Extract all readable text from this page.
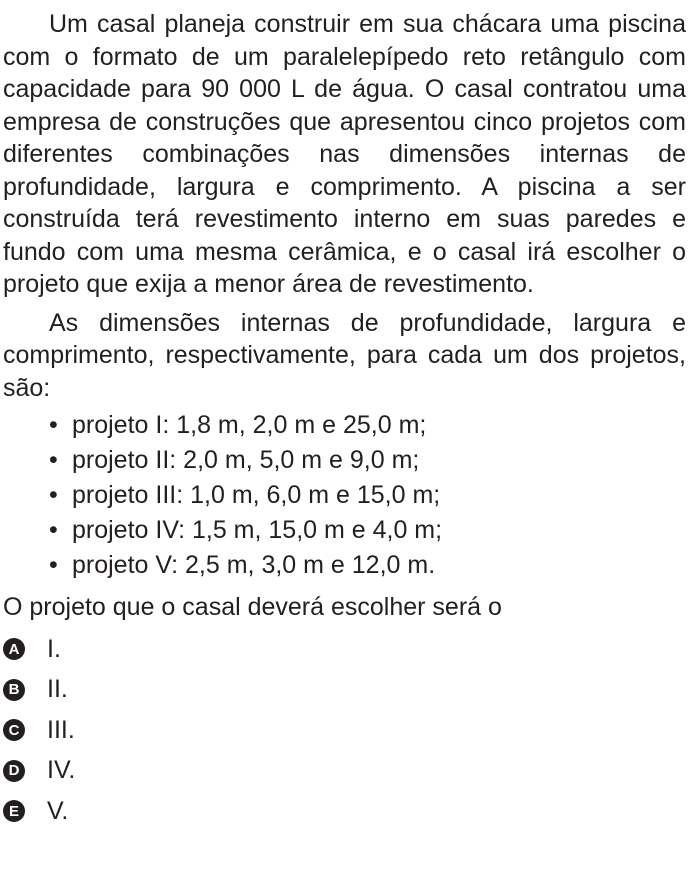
Um casal planeja construir em sua chácara uma piscina com o formato de um paralelepípedo reto retângulo com capacidade para 90 000 L de água. O casal contratou uma empresa de construções que apresentou cinco projetos com diferentes combinações nas dimensões internas de profundidade, largura e comprimento. A piscina a ser construída terá revestimento interno em suas paredes e fundo com uma mesma cerâmica, e o casal irá escolher o projeto que exija a menor área de revestimento.

As dimensões internas de profundidade, largura e comprimento, respectivamente, para cada um dos projetos, são:

• projeto I: 1,8 m, 2,0 m e 25,0 m;
• projeto II: 2,0 m, 5,0 m e 9,0 m;
• projeto III: 1,0 m, 6,0 m e 15,0 m;
• projeto IV: 1,5 m, 15,0 m e 4,0 m;
• projeto V: 2,5 m, 3,0 m e 12,0 m.

O projeto que o casal deverá escolher será o

A I.
B II.
C III.
D IV.
E V.
